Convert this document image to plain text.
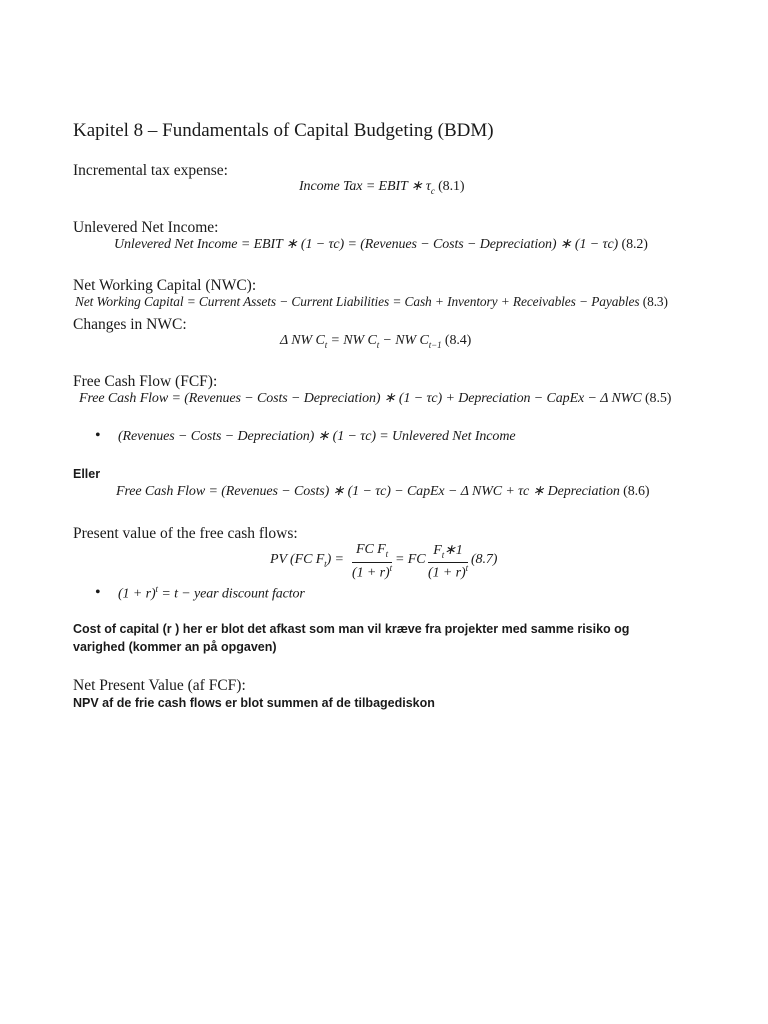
Kapitel 8 – Fundamentals of Capital Budgeting (BDM)
Incremental tax expense:
Income Tax = EBIT ∗ $\tau_c$ (8.1)
Unlevered Net Income:
Unlevered Net Income = EBIT ∗ (1 − τc) = (Revenues − Costs − Depreciation) ∗ (1 − τc) (8.2)
Net Working Capital (NWC):
Net Working Capital = Current Assets − Current Liabilities = Cash + Inventory + Receivables − Payables (8.3)
Changes in NWC:
Δ NW $C_t$ = NW $C_t$ − NW $C_{t-1}$ (8.4)
Free Cash Flow (FCF):
Free Cash Flow = (Revenues − Costs − Depreciation) ∗ (1 − τc) + Depreciation − CapEx − Δ NWC (8.5)
• (Revenues − Costs − Depreciation) ∗ (1 − τc) = Unlevered Net Income
Eller
Free Cash Flow = (Revenues − Costs) ∗ (1 − τc) − CapEx − Δ NWC + τc ∗ Depreciation (8.6)
Present value of the free cash flows:
PV (FC $F_t$) =
FC $F_t$
$(1 + r)^t$
= FC
$F_t∗1$
$(1 + r)^t$
(8.7)
• $(1 + r)^t = t$ − year discount factor
Cost of capital (r ) her er blot det afkast som man vil kræve fra projekter med samme risiko og
varighed (kommer an på opgaven)
Net Present Value (af FCF):
NPV af de frie cash flows er blot summen af de tilbagediskon
